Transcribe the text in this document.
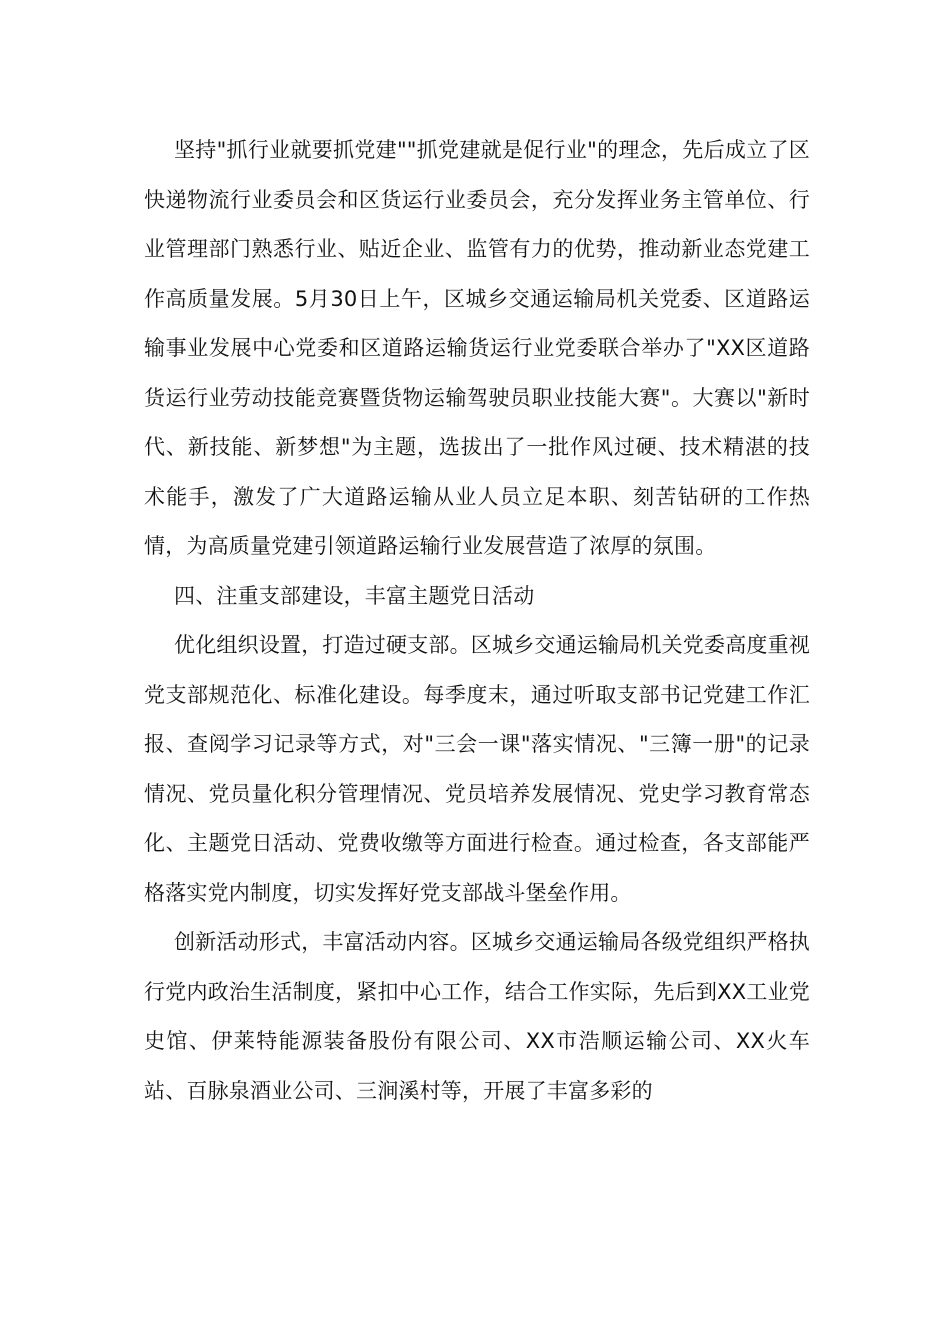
坚持"抓行业就要抓党建""抓党建就是促行业"的理念，先后成立了区快递物流行业委员会和区货运行业委员会，充分发挥业务主管单位、行业管理部门熟悉行业、贴近企业、监管有力的优势，推动新业态党建工作高质量发展。5月30日上午，区城乡交通运输局机关党委、区道路运输事业发展中心党委和区道路运输货运行业党委联合举办了"XX区道路货运行业劳动技能竞赛暨货物运输驾驶员职业技能大赛"。大赛以"新时代、新技能、新梦想"为主题，选拔出了一批作风过硬、技术精湛的技术能手，激发了广大道路运输从业人员立足本职、刻苦钻研的工作热情，为高质量党建引领道路运输行业发展营造了浓厚的氛围。

四、注重支部建设，丰富主题党日活动

优化组织设置，打造过硬支部。区城乡交通运输局机关党委高度重视党支部规范化、标准化建设。每季度末，通过听取支部书记党建工作汇报、查阅学习记录等方式，对"三会一课"落实情况、"三簿一册"的记录情况、党员量化积分管理情况、党员培养发展情况、党史学习教育常态化、主题党日活动、党费收缴等方面进行检查。通过检查，各支部能严格落实党内制度，切实发挥好党支部战斗堡垒作用。

创新活动形式，丰富活动内容。区城乡交通运输局各级党组织严格执行党内政治生活制度，紧扣中心工作，结合工作实际，先后到XX工业党史馆、伊莱特能源装备股份有限公司、XX市浩顺运输公司、XX火车站、百脉泉酒业公司、三涧溪村等，开展了丰富多彩的
